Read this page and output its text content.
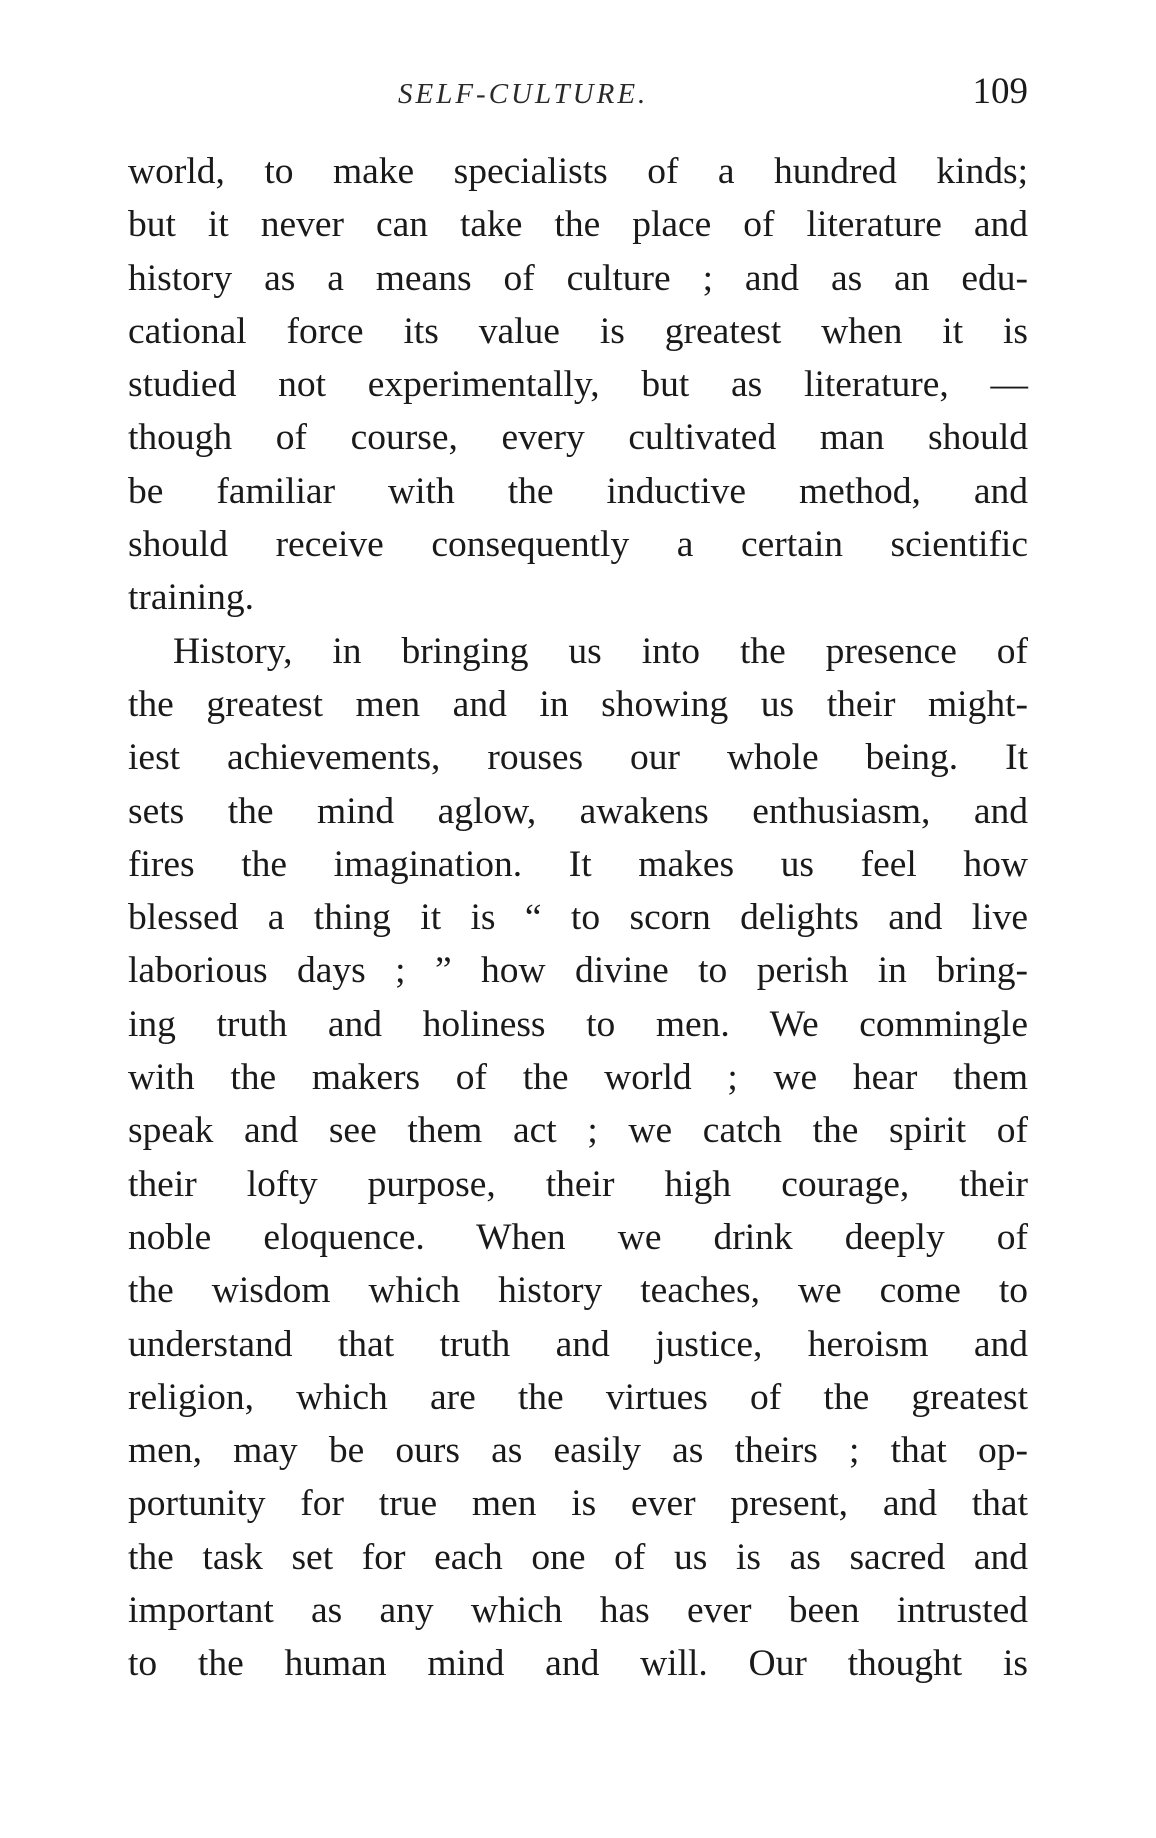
SELF-CULTURE.	109
world, to make specialists of a hundred kinds;
but it never can take the place of literature and
history as a means of culture ; and as an edu-
cational force its value is greatest when it is
studied not experimentally, but as literature, —
though of course, every cultivated man should
be familiar with the inductive method, and
should receive consequently a certain scientific
training.
History, in bringing us into the presence of
the greatest men and in showing us their might-
iest achievements, rouses our whole being. It
sets the mind aglow, awakens enthusiasm, and
fires the imagination. It makes us feel how
blessed a thing it is “ to scorn delights and live
laborious days ; ” how divine to perish in bring-
ing truth and holiness to men. We commingle
with the makers of the world ; we hear them
speak and see them act ; we catch the spirit of
their lofty purpose, their high courage, their
noble eloquence. When we drink deeply of
the wisdom which history teaches, we come to
understand that truth and justice, heroism and
religion, which are the virtues of the greatest
men, may be ours as easily as theirs ; that op-
portunity for true men is ever present, and that
the task set for each one of us is as sacred and
important as any which has ever been intrusted
to the human mind and will. Our thought is
